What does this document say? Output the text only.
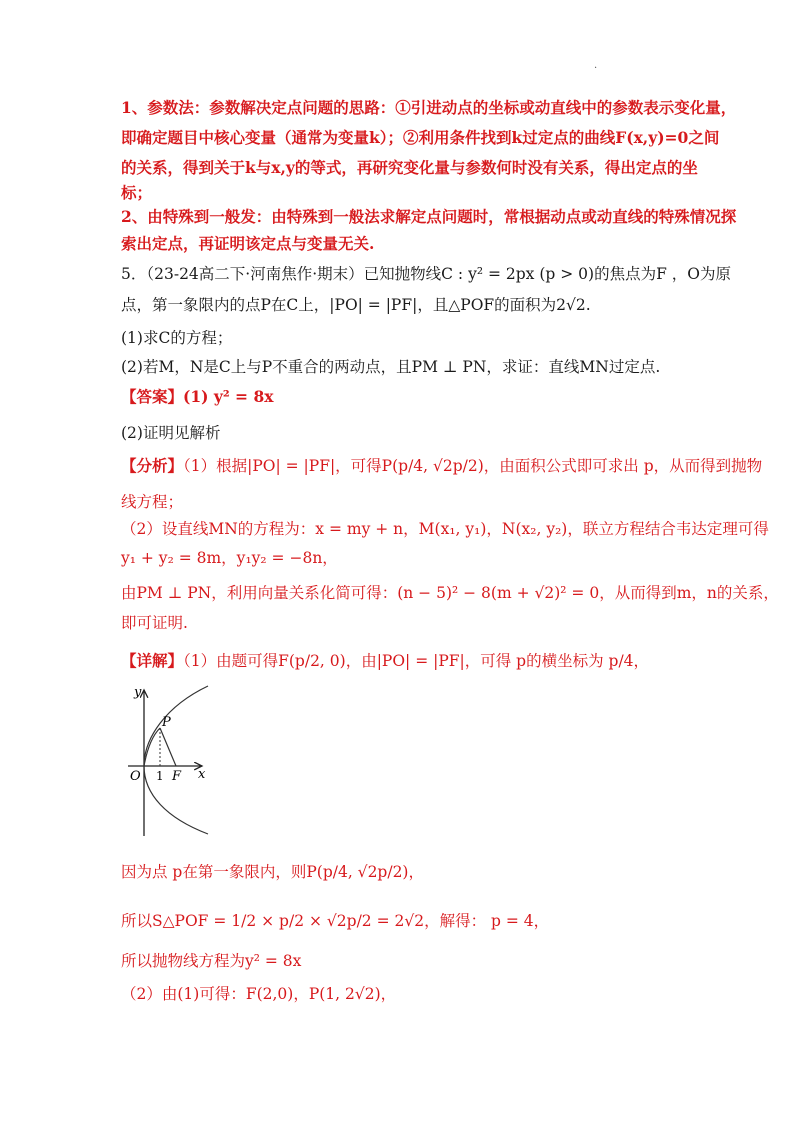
.
1、参数法：参数解决定点问题的思路：①引进动点的坐标或动直线中的参数表示变化量，
即确定题目中核心变量（通常为变量k）；②利用条件找到k过定点的曲线F(x,y)=0之间
的关系，得到关于k与x,y的等式，再研究变化量与参数何时没有关系，得出定点的坐
标；
2、由特殊到一般发：由特殊到一般法求解定点问题时，常根据动点或动直线的特殊情况探
索出定点，再证明该定点与变量无关.
5．（23-24高二下·河南焦作·期末）已知抛物线C : y² = 2px (p > 0)的焦点为F ，O为原
点，第一象限内的点P在C上，|PO| = |PF|，且△POF的面积为2√2.
(1)求C的方程；
(2)若M，N是C上与P不重合的两动点，且PM ⊥ PN，求证：直线MN过定点.
【答案】(1) y² = 8x
(2)证明见解析
【分析】（1）根据|PO| = |PF|，可得P(p/4, √2p/2)，由面积公式即可求出 p，从而得到抛物
线方程；
（2）设直线MN的方程为：x = my + n，M(x₁, y₁)，N(x₂, y₂)，联立方程结合韦达定理可得
y₁ + y₂ = 8m，y₁y₂ = −8n，
由PM ⊥ PN，利用向量关系化简可得：(n − 5)² − 8(m + √2)² = 0，从而得到m，n的关系，
即可证明.
【详解】（1）由题可得F(p/2, 0)，由|PO| = |PF|，可得 p的横坐标为 p/4，
y
x
O 1 F
P
因为点 p在第一象限内，则P(p/4, √2p/2)，
所以S△POF = 1/2 × p/2 × √2p/2 = 2√2，解得： p = 4，
所以抛物线方程为y² = 8x
（2）由(1)可得：F(2,0)，P(1, 2√2)，
